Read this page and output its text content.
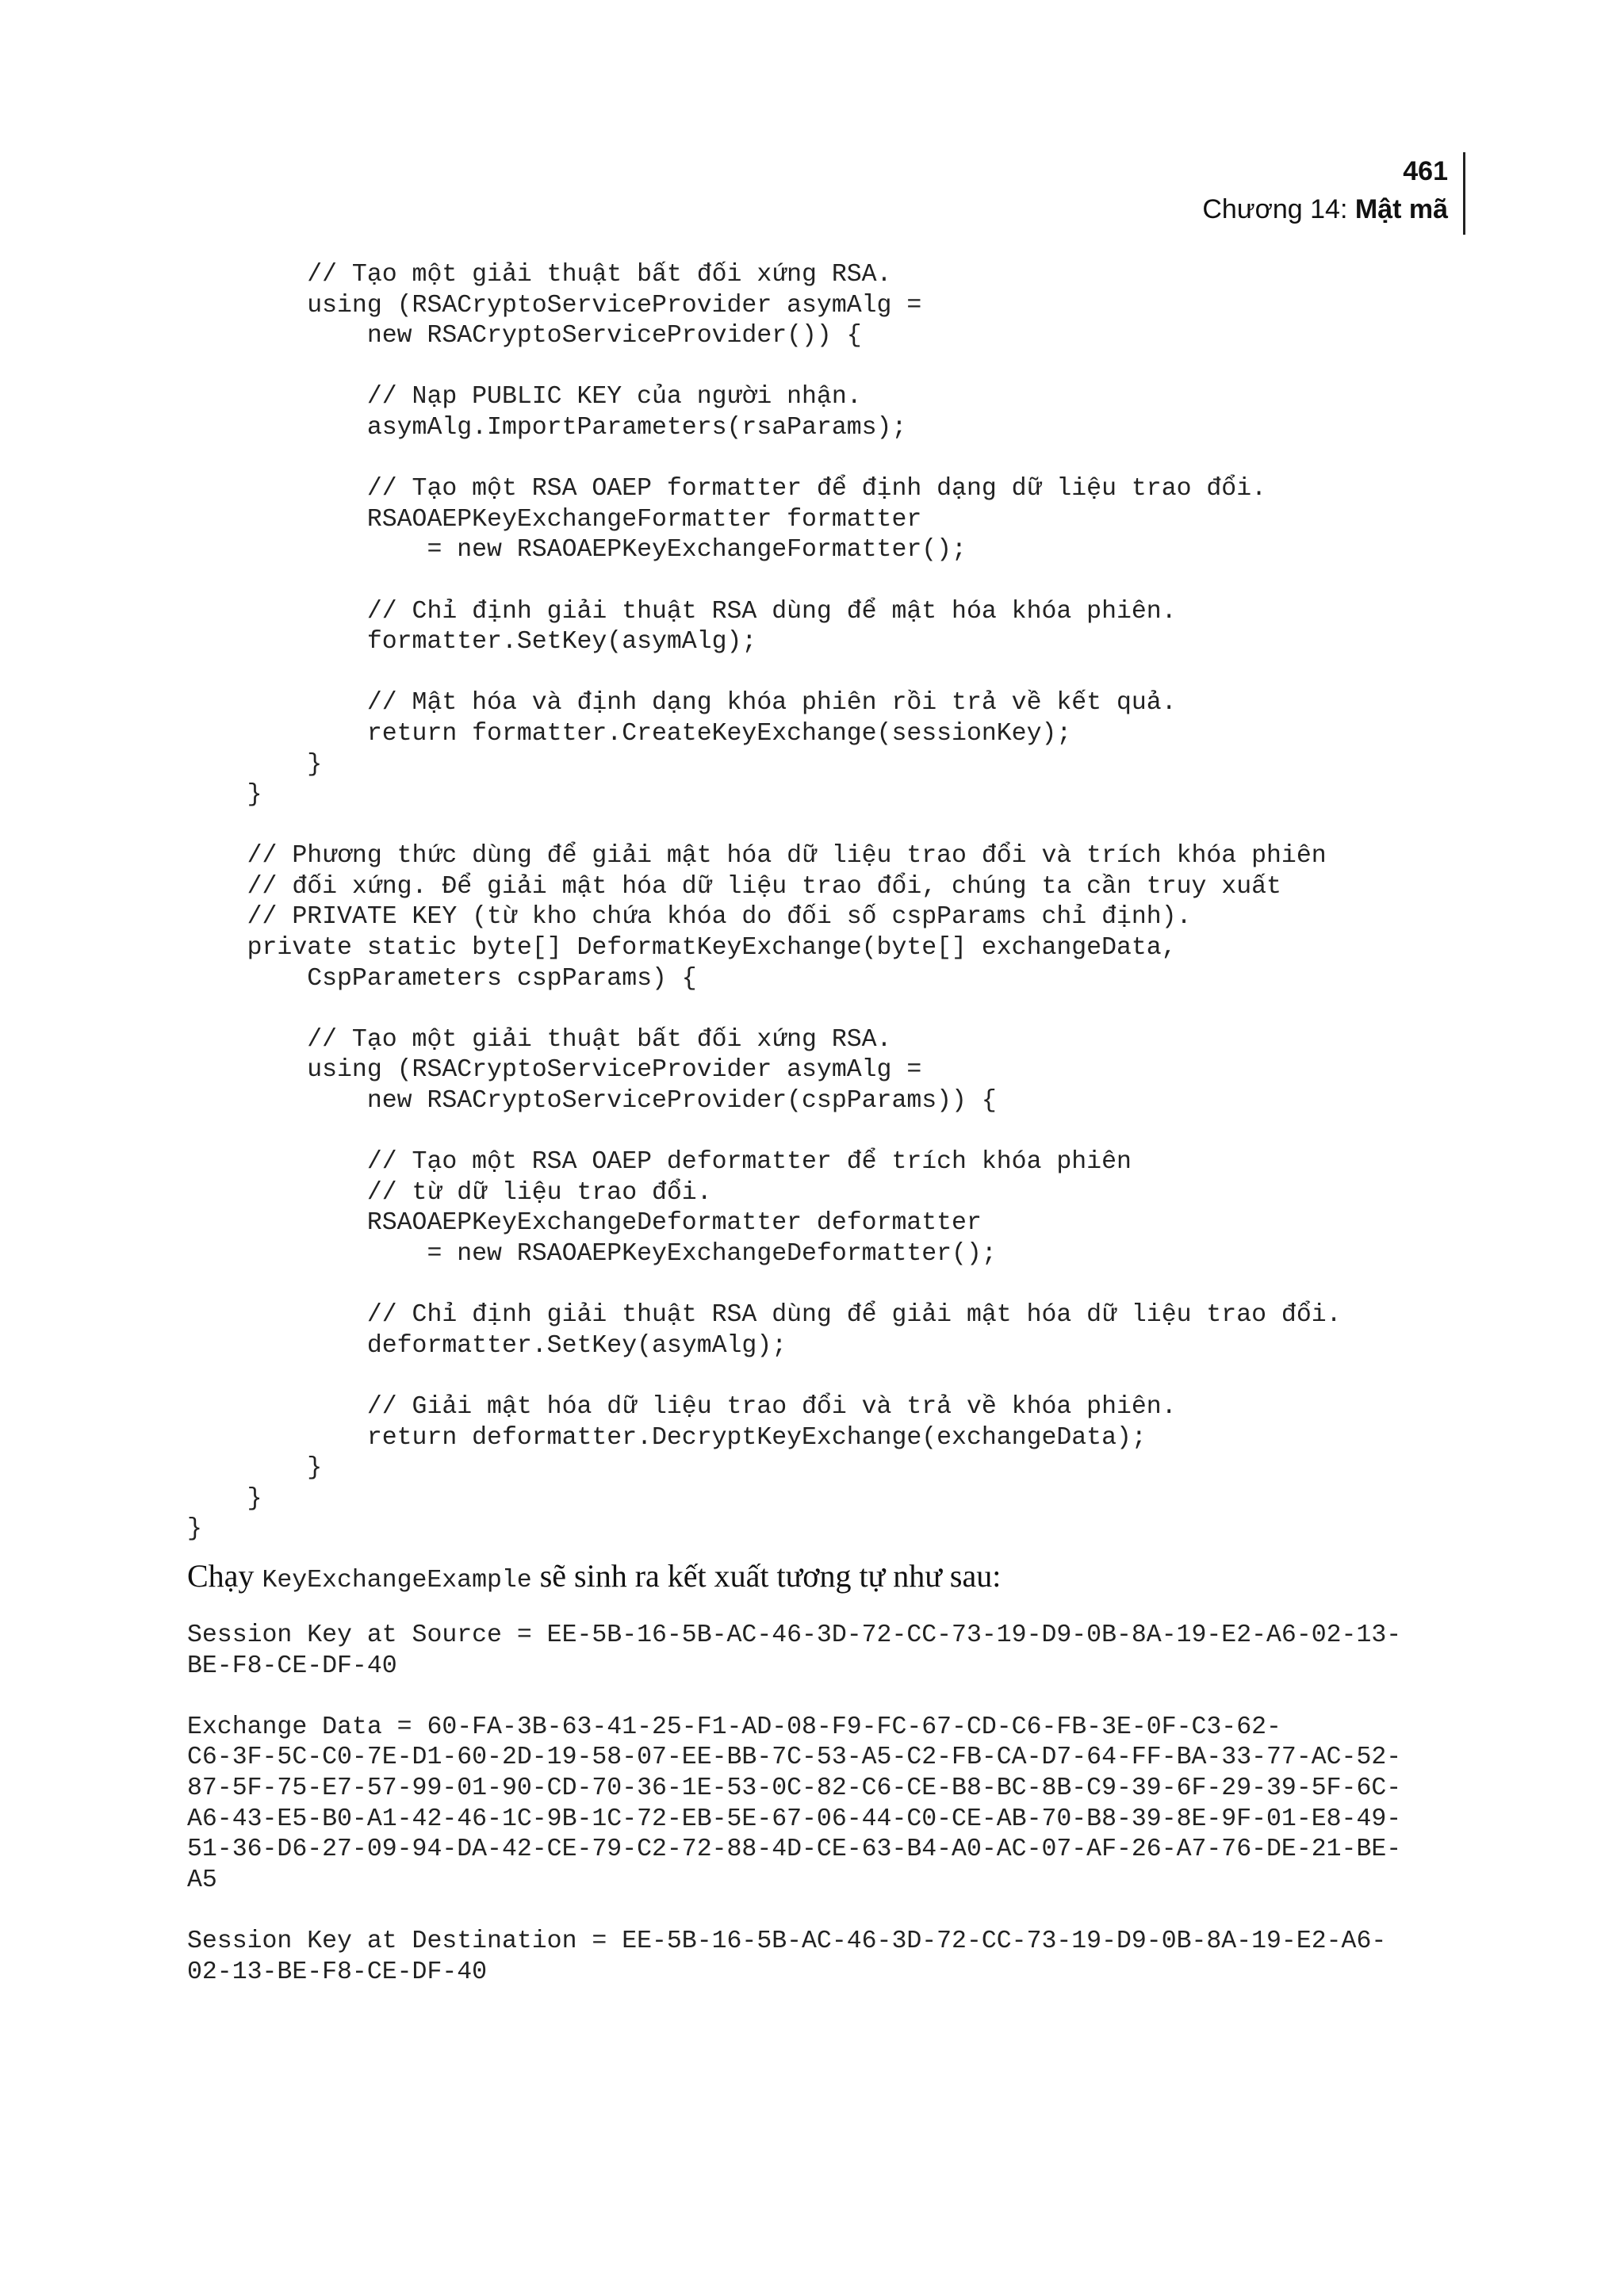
461
Chương 14: Mật mã
// Tạo một giải thuật bất đối xứng RSA.
using (RSACryptoServiceProvider asymAlg =
new RSACryptoServiceProvider()) {

// Nạp PUBLIC KEY của người nhận.
asymAlg.ImportParameters(rsaParams);

// Tạo một RSA OAEP formatter để định dạng dữ liệu trao đổi.
RSAOAEPKeyExchangeFormatter formatter
= new RSAOAEPKeyExchangeFormatter();

// Chỉ định giải thuật RSA dùng để mật hóa khóa phiên.
formatter.SetKey(asymAlg);

// Mật hóa và định dạng khóa phiên rồi trả về kết quả.
return formatter.CreateKeyExchange(sessionKey);
}
}

// Phương thức dùng để giải mật hóa dữ liệu trao đổi và trích khóa phiên
// đối xứng. Để giải mật hóa dữ liệu trao đổi, chúng ta cần truy xuất
// PRIVATE KEY (từ kho chứa khóa do đối số cspParams chỉ định).
private static byte[] DeformatKeyExchange(byte[] exchangeData,
CspParameters cspParams) {

// Tạo một giải thuật bất đối xứng RSA.
using (RSACryptoServiceProvider asymAlg =
new RSACryptoServiceProvider(cspParams)) {

// Tạo một RSA OAEP deformatter để trích khóa phiên
// từ dữ liệu trao đổi.
RSAOAEPKeyExchangeDeformatter deformatter
= new RSAOAEPKeyExchangeDeformatter();

// Chỉ định giải thuật RSA dùng để giải mật hóa dữ liệu trao đổi.
deformatter.SetKey(asymAlg);

// Giải mật hóa dữ liệu trao đổi và trả về khóa phiên.
return deformatter.DecryptKeyExchange(exchangeData);
}
}
}
Chạy KeyExchangeExample sẽ sinh ra kết xuất tương tự như sau:
Session Key at Source = EE-5B-16-5B-AC-46-3D-72-CC-73-19-D9-0B-8A-19-E2-A6-02-13-
BE-F8-CE-DF-40

Exchange Data = 60-FA-3B-63-41-25-F1-AD-08-F9-FC-67-CD-C6-FB-3E-0F-C3-62-
C6-3F-5C-C0-7E-D1-60-2D-19-58-07-EE-BB-7C-53-A5-C2-FB-CA-D7-64-FF-BA-33-77-AC-52-
87-5F-75-E7-57-99-01-90-CD-70-36-1E-53-0C-82-C6-CE-B8-BC-8B-C9-39-6F-29-39-5F-6C-
A6-43-E5-B0-A1-42-46-1C-9B-1C-72-EB-5E-67-06-44-C0-CE-AB-70-B8-39-8E-9F-01-E8-49-
51-36-D6-27-09-94-DA-42-CE-79-C2-72-88-4D-CE-63-B4-A0-AC-07-AF-26-A7-76-DE-21-BE-
A5

Session Key at Destination = EE-5B-16-5B-AC-46-3D-72-CC-73-19-D9-0B-8A-19-E2-A6-
02-13-BE-F8-CE-DF-40
